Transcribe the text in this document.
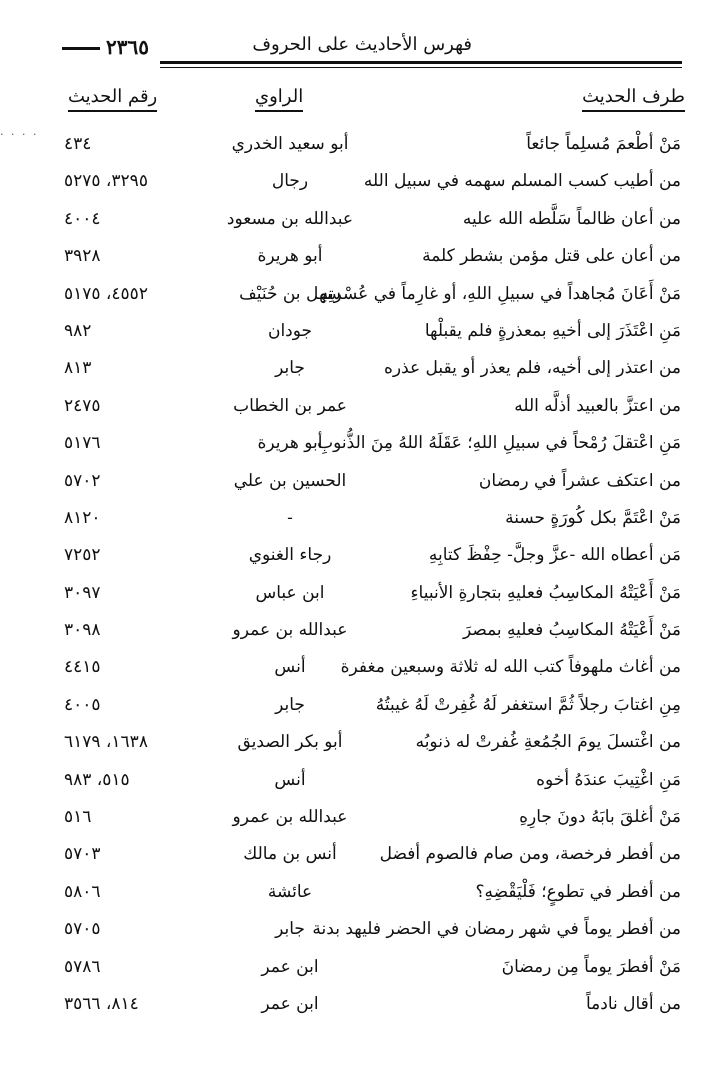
· · · ·
فهرس الأحاديث على الحروف
٢٣٦٥
طرف الحديث
الراوي
رقم الحديث
مَنْ أطْعمَ مُسلِماً جائعاً
أبو سعيد الخدري
٤٣٤
من أطيب كسب المسلم سهمه في سبيل الله
رجال
٣٢٩٥، ٥٢٧٥
من أعان ظالماً سَلَّطه الله عليه
عبدالله بن مسعود
٤٠٠٤
من أعان على قتل مؤمن بشطر كلمة
أبو هريرة
٣٩٢٨
مَنْ أَعَانَ مُجاهداً في سبيلِ اللهِ، أو غارِماً في عُسْرتِهِ
سهل بن حُنَيْف
٤٥٥٢، ٥١٧٥
مَنِ اعْتَذَرَ إلى أخيهِ بمعذرةٍ فلم يقبلْها
جودان
٩٨٢
من اعتذر إلى أخيه، فلم يعذر أو يقبل عذره
جابر
٨١٣
من اعتزَّ بالعبيد أذلَّه الله
عمر بن الخطاب
٢٤٧٥
مَنِ اعْتقلَ رُمْحاً في سبيلِ اللهِ؛ عَقَلَهُ اللهُ مِنَ الذُّنوبِ
أبو هريرة
٥١٧٦
من اعتكف عشراً في رمضان
الحسين بن علي
٥٧٠٢
مَنْ اعْتَمَّ بكل كُورَةٍ حسنة
-
٨١٢٠
مَن أعطاه الله -عزَّ وجلَّ- حِفْظَ كتابِهِ
رجاء الغنوي
٧٢٥٢
مَنْ أَعْيَتْهُ المكاسِبُ فعليهِ بتجارةِ الأنبياءِ
ابن عباس
٣٠٩٧
مَنْ أَعْيَتْهُ المكاسِبُ فعليهِ بمصرَ
عبدالله بن عمرو
٣٠٩٨
من أغاث ملهوفاً كتب الله له ثلاثة وسبعين مغفرة
أنس
٤٤١٥
مِنِ اغتابَ رجلاً ثُمَّ استغفر لَهُ غُفِرتْ لَهُ غيبتُهُ
جابر
٤٠٠٥
من اغْتسلَ يومَ الجُمُعةِ غُفرتْ له ذنوبُه
أبو بكر الصديق
١٦٣٨، ٦١٧٩
مَنِ اغْتِيبَ عندَهُ أخوه
أنس
٥١٥، ٩٨٣
مَنْ أغلقَ بابَهُ دونَ جارِهِ
عبدالله بن عمرو
٥١٦
من أفطر فرخصة، ومن صام فالصوم أفضل
أنس بن مالك
٥٧٠٣
من أفطر في تطوعٍ؛ فَلْيَقْضِهِ؟
عائشة
٥٨٠٦
من أفطر يوماً في شهر رمضان في الحضر فليهد بدنة
جابر
٥٧٠٥
مَنْ أفطرَ يوماً مِن رمضانَ
ابن عمر
٥٧٨٦
من أقال نادماً
ابن عمر
٨١٤، ٣٥٦٦
